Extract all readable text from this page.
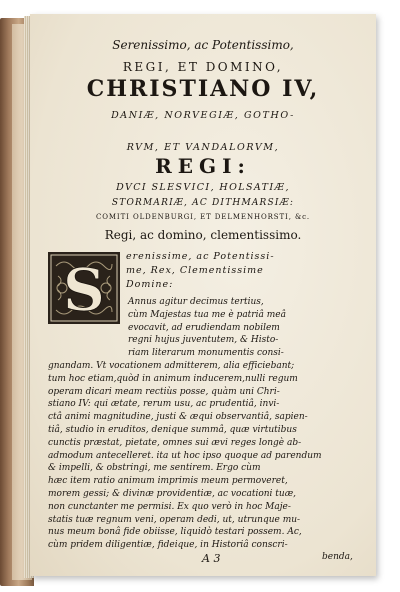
Serenissimo, ac Potentissimo,
REGI, ET DOMINO,
CHRISTIANO IV,
DANIÆ, NORVEGIÆ, GOTHO-
RVM, ET VANDALORVM,
REGI:
DVCI SLESVICI, HOLSATIÆ,
STORMARIÆ, AC DITHMARSIÆ:
COMITI OLDENBURGI, ET DELMENHORSTI, &c.
Regi, ac domino, clementissimo.
S erenissime, ac Potentissi-
me, Rex, Clementissime
Domine:
Annus agitur decimus tertius,
cùm Majestas tua me è patriâ meâ
evocavit, ad erudiendam nobilem
regni hujus juventutem, & Histo-
riam literarum monumentis consi-
gnandam. Vt vocationem admitterem, alia efficiebant;
tum hoc etiam,quòd in animum inducerem,nulli regum
operam dicari meam rectiùs posse, quàm uni Chri-
stiano IV: qui ætate, rerum usu, ac prudentiâ, invi-
ctâ animi magnitudine, justi & æqui observantiâ, sapien-
tiâ, studio in eruditos, denique summâ, quæ virtutibus
cunctis præstat, pietate, omnes sui ævi reges longè ab-
admodum antecelleret. ita ut hoc ipso quoque ad parendum
& impelli, & obstringi, me sentirem. Ergo cùm
hæc item ratio animum imprimis meum permoveret,
morem gessi; & divinæ providentiæ, ac vocationi tuæ,
non cunctanter me permisi. Ex quo verò in hoc Maje-
statis tuæ regnum veni, operam dedi, ut, utrunque mu-
nus meum bonâ fide obiisse, liquidò testari possem. Ac,
cùm pridem diligentiæ, fideique, in Historiâ conscri-
A 3	benda,
